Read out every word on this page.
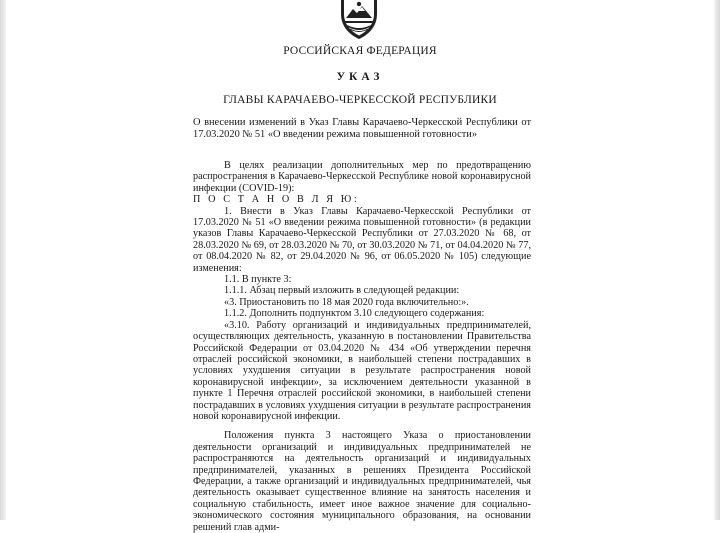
РОССИЙСКАЯ ФЕДЕРАЦИЯ
УКАЗ
ГЛАВЫ КАРАЧАЕВО-ЧЕРКЕССКОЙ РЕСПУБЛИКИ
О внесении изменений в Указ Главы Карачаево-Черкесской Республики от 17.03.2020 № 51 «О введении режима повышенной готовности»

В целях реализации дополнительных мер по предотвращению распространения в Карачаево-Черкесской Республике новой коронавирусной инфекции (COVID-19):

П О С Т А Н О В Л Я Ю:

1. Внести в Указ Главы Карачаево-Черкесской Республики от 17.03.2020 № 51 «О введении режима повышенной готовности» (в редакции указов Главы Карачаево-Черкесской Республики от 27.03.2020 № 68, от 28.03.2020 № 69, от 28.03.2020 № 70, от 30.03.2020 № 71, от 04.04.2020 № 77, от 08.04.2020 № 82, от 29.04.2020 № 96, от 06.05.2020 № 105) следующие изменения:

1.1. В пункте 3:

1.1.1. Абзац первый изложить в следующей редакции:

«3. Приостановить по 18 мая 2020 года включительно:».

1.1.2. Дополнить подпунктом 3.10 следующего содержания:

«3.10. Работу организаций и индивидуальных предпринимателей, осуществляющих деятельность, указанную в постановлении Правительства Российской Федерации от 03.04.2020 № 434 «Об утверждении перечня отраслей российской экономики, в наибольшей степени пострадавших в условиях ухудшения ситуации в результате распространения новой коронавирусной инфекции», за исключением деятельности указанной в пункте 1 Перечня отраслей российской экономики, в наибольшей степени пострадавших в условиях ухудшения ситуации в результате распространения новой коронавирусной инфекции.

Положения пункта 3 настоящего Указа о приостановлении деятельности организаций и индивидуальных предпринимателей не распространяются на деятельность организаций и индивидуальных предпринимателей, указанных в решениях Президента Российской Федерации, а также организаций и индивидуальных предпринимателей, чья деятельность оказывает существенное влияние на занятость населения и социальную стабильность, имеет иное важное значение для социально-экономического состояния муниципального образования, на основании решений глав адми-
